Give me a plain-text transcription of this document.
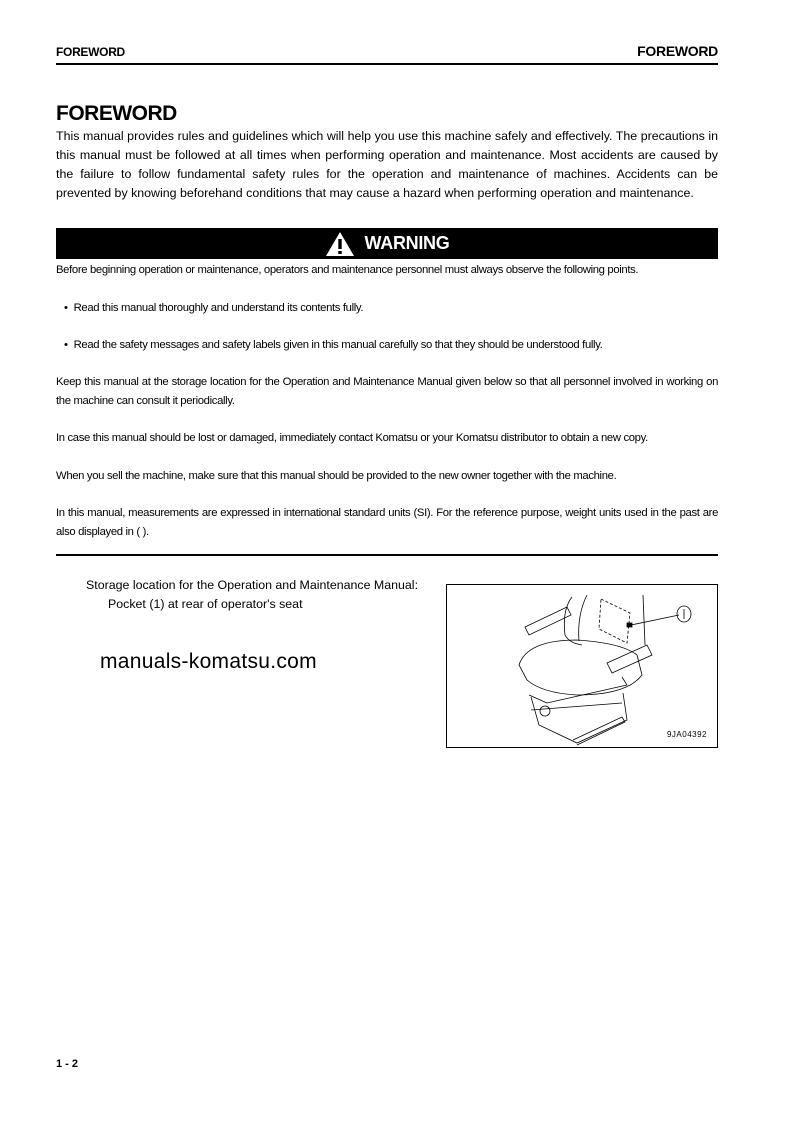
FOREWORD	FOREWORD
FOREWORD
This manual provides rules and guidelines which will help you use this machine safely and effectively. The precautions in this manual must be followed at all times when performing operation and maintenance. Most accidents are caused by the failure to follow fundamental safety rules for the operation and maintenance of machines. Accidents can be prevented by knowing beforehand conditions that may cause a hazard when performing operation and maintenance.
WARNING
Before beginning operation or maintenance, operators and maintenance personnel must always observe the following points.
• Read this manual thoroughly and understand its contents fully.
• Read the safety messages and safety labels given in this manual carefully so that they should be understood fully.
Keep this manual at the storage location for the Operation and Maintenance Manual given below so that all personnel involved in working on the machine can consult it periodically.
In case this manual should be lost or damaged, immediately contact Komatsu or your Komatsu distributor to obtain a new copy.
When you sell the machine, make sure that this manual should be provided to the new owner together with the machine.
In this manual, measurements are expressed in international standard units (SI). For the reference purpose, weight units used in the past are also displayed in ( ).
Storage location for the Operation and Maintenance Manual:
Pocket (1) at rear of operator's seat
manuals-komatsu.com
9JA04392
1 - 2
